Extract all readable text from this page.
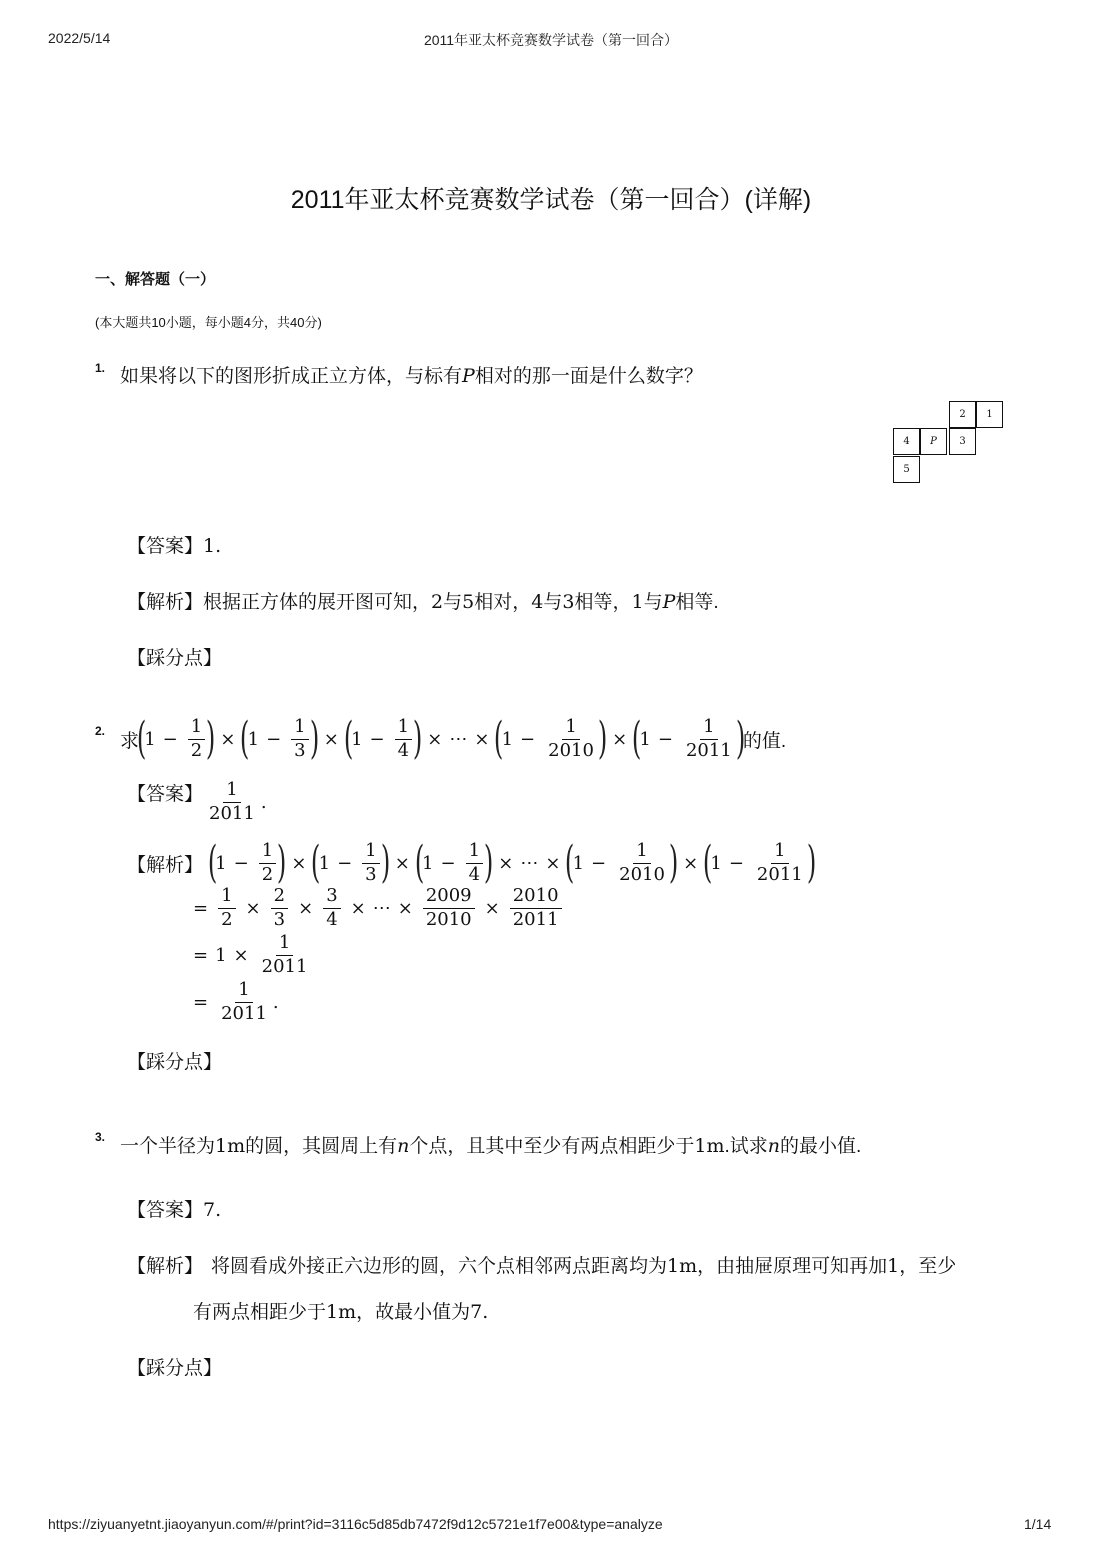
2022/5/14	2011年亚太杯竞赛数学试卷（第一回合）
2011年亚太杯竞赛数学试卷（第一回合）(详解)
一、解答题（一）
(本大题共10小题，每小题4分，共40分)
1. 如果将以下的图形折成正立方体，与标有P相对的那一面是什么数字？
2	1
4	P	3
5
【答案】1.
【解析】根据正方体的展开图可知，2与5相对，4与3相等，1与P相等.
【踩分点】
2. 求
(
$1 - \frac{1}{2}$ ) × (
$1 - \frac{1}{3}$ ) × (
$1 - \frac{1}{4}$ ) × ⋯ × (
$1 - \frac{1}{2010}$ ) × (
$1 - \frac{1}{2011}$ )
的值.
【答案】 $\frac{1}{2011}$ .
【解析】 (
$1 - \frac{1}{2}$ ) × (
$1 - \frac{1}{3}$ ) × (
$1 - \frac{1}{4}$ ) × ⋯ × (
$1 - \frac{1}{2010}$ ) × (
$1 - \frac{1}{2011}$ )
= $\frac{1}{2} \times \frac{2}{3} \times \frac{3}{4}$ × ⋯ × $\frac{2009}{2010} \times \frac{2010}{2011}$
= $1 \times \frac{1}{2011}$
= $\frac{1}{2011}$ .
【踩分点】
3. 一个半径为1m的圆，其圆周上有n个点，且其中至少有两点相距少于1m.试求n的最小值.
【答案】7.
【解析】 将圆看成外接正六边形的圆，六个点相邻两点距离均为1m，由抽屉原理可知再加1，至少
有两点相距少于1m，故最小值为7.
【踩分点】
https://ziyuanyetnt.jiaoyanyun.com/#/print?id=3116c5d85db7472f9d12c5721e1f7e00&type=analyze	1/14
